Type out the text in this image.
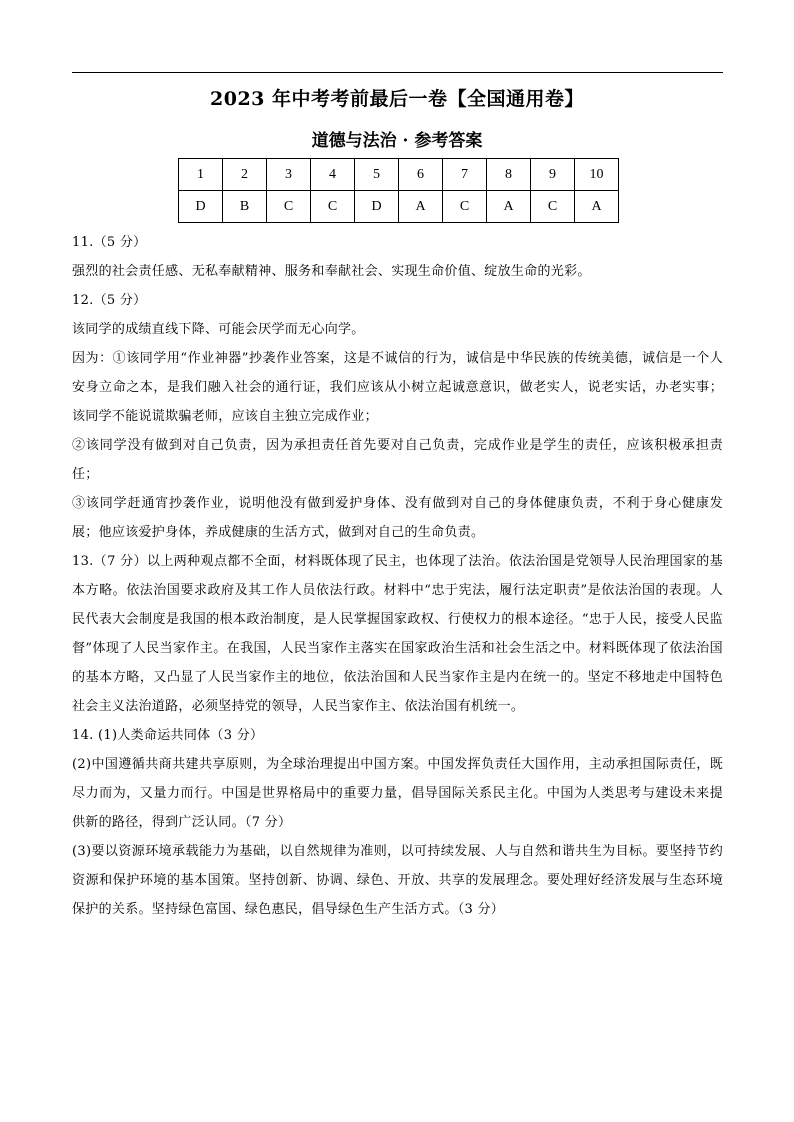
2023 年中考考前最后一卷【全国通用卷】
道德与法治 · 参考答案
1	2	3	4	5	6	7	8	9	10
D	B	C	C	D	A	C	A	C	A

11.（5 分）

强烈的社会责任感、无私奉献精神、服务和奉献社会、实现生命价值、绽放生命的光彩。

12.（5 分）

该同学的成绩直线下降、可能会厌学而无心向学。

因为：①该同学用“作业神器”抄袭作业答案，这是不诚信的行为，诚信是中华民族的传统美德，诚信是一个人安身立命之本，是我们融入社会的通行证，我们应该从小树立起诚意意识，做老实人，说老实话，办老实事；该同学不能说谎欺骗老师，应该自主独立完成作业；

②该同学没有做到对自己负责，因为承担责任首先要对自己负责，完成作业是学生的责任，应该积极承担责任；

③该同学赶通宵抄袭作业，说明他没有做到爱护身体、没有做到对自己的身体健康负责，不利于身心健康发展；他应该爱护身体，养成健康的生活方式，做到对自己的生命负责。

13.（7 分）以上两种观点都不全面，材料既体现了民主，也体现了法治。依法治国是党领导人民治理国家的基本方略。依法治国要求政府及其工作人员依法行政。材料中“忠于宪法，履行法定职责”是依法治国的表现。人民代表大会制度是我国的根本政治制度，是人民掌握国家政权、行使权力的根本途径。“忠于人民，接受人民监督”体现了人民当家作主。在我国，人民当家作主落实在国家政治生活和社会生活之中。材料既体现了依法治国的基本方略，又凸显了人民当家作主的地位，依法治国和人民当家作主是内在统一的。坚定不移地走中国特色社会主义法治道路，必须坚持党的领导，人民当家作主、依法治国有机统一。

14. (1)人类命运共同体（3 分）

(2)中国遵循共商共建共享原则，为全球治理提出中国方案。中国发挥负责任大国作用，主动承担国际责任，既尽力而为，又量力而行。中国是世界格局中的重要力量，倡导国际关系民主化。中国为人类思考与建设未来提供新的路径，得到广泛认同。（7 分）

(3)要以资源环境承载能力为基础，以自然规律为准则，以可持续发展、人与自然和谐共生为目标。要坚持节约资源和保护环境的基本国策。坚持创新、协调、绿色、开放、共享的发展理念。要处理好经济发展与生态环境保护的关系。坚持绿色富国、绿色惠民，倡导绿色生产生活方式。（3 分）
